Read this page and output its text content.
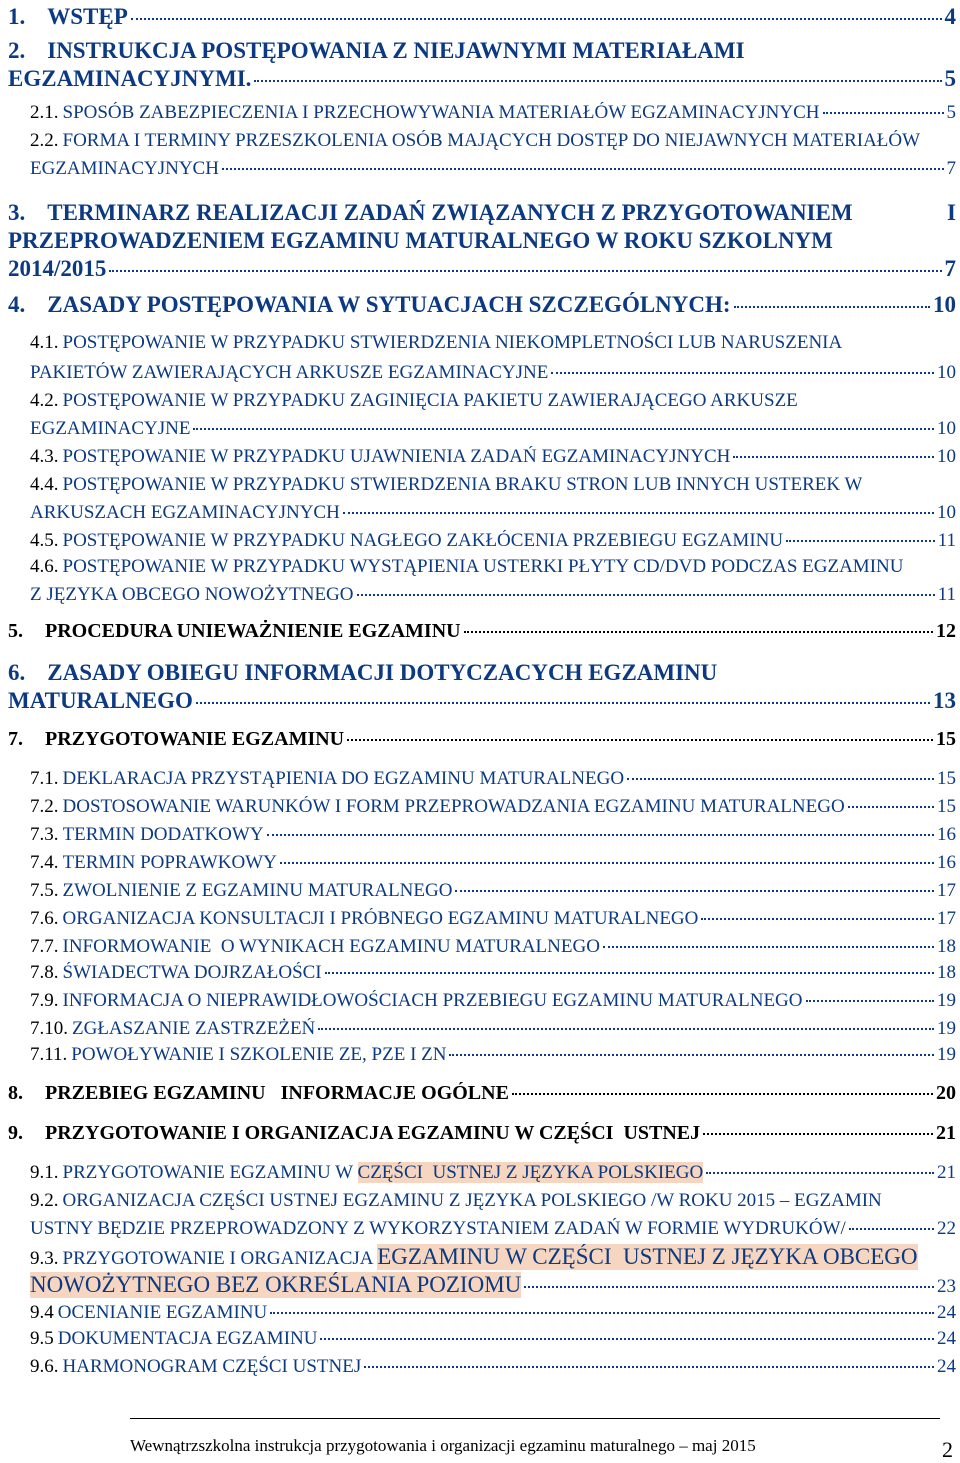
1. WSTĘP	4
2. INSTRUKCJA POSTĘPOWANIA Z NIEJAWNYMI MATERIAŁAMI
EGZAMINACYJNYMI.	5
2.1. SPOSÓB ZABEZPIECZENIA I PRZECHOWYWANIA MATERIAŁÓW EGZAMINACYJNYCH	5
2.2. FORMA I TERMINY PRZESZKOLENIA OSÓB MAJĄCYCH DOSTĘP DO NIEJAWNYCH MATERIAŁÓW
EGZAMINACYJNYCH	7
3. TERMINARZ REALIZACJI ZADAŃ ZWIĄZANYCH Z PRZYGOTOWANIEM	I
PRZEPROWADZENIEM EGZAMINU MATURALNEGO W ROKU SZKOLNYM
2014/2015	7
4. ZASADY POSTĘPOWANIA W SYTUACJACH SZCZEGÓLNYCH:	10
4.1. POSTĘPOWANIE W PRZYPADKU STWIERDZENIA NIEKOMPLETNOŚCI LUB NARUSZENIA
PAKIETÓW ZAWIERAJĄCYCH ARKUSZE EGZAMINACYJNE	10
4.2. POSTĘPOWANIE W PRZYPADKU ZAGINIĘCIA PAKIETU ZAWIERAJĄCEGO ARKUSZE
EGZAMINACYJNE	10
4.3. POSTĘPOWANIE W PRZYPADKU UJAWNIENIA ZADAŃ EGZAMINACYJNYCH	10
4.4. POSTĘPOWANIE W PRZYPADKU STWIERDZENIA BRAKU STRON LUB INNYCH USTEREK W
ARKUSZACH EGZAMINACYJNYCH	10
4.5. POSTĘPOWANIE W PRZYPADKU NAGŁEGO ZAKŁÓCENIA PRZEBIEGU EGZAMINU	11
4.6. POSTĘPOWANIE W PRZYPADKU WYSTĄPIENIA USTERKI PŁYTY CD/DVD PODCZAS EGZAMINU
Z JĘZYKA OBCEGO NOWOŻYTNEGO	11
5. PROCEDURA UNIEWAŻNIENIE EGZAMINU	12
6. ZASADY OBIEGU INFORMACJI DOTYCZACYCH EGZAMINU
MATURALNEGO	13
7. PRZYGOTOWANIE EGZAMINU	15
7.1. DEKLARACJA PRZYSTĄPIENIA DO EGZAMINU MATURALNEGO	15
7.2. DOSTOSOWANIE WARUNKÓW I FORM PRZEPROWADZANIA EGZAMINU MATURALNEGO	15
7.3. TERMIN DODATKOWY	16
7.4. TERMIN POPRAWKOWY	16
7.5. ZWOLNIENIE Z EGZAMINU MATURALNEGO	17
7.6. ORGANIZACJA KONSULTACJI I PRÓBNEGO EGZAMINU MATURALNEGO	17
7.7. INFORMOWANIE  O WYNIKACH EGZAMINU MATURALNEGO	18
7.8. ŚWIADECTWA DOJRZAŁOŚCI	18
7.9. INFORMACJA O NIEPRAWIDŁOWOŚCIACH PRZEBIEGU EGZAMINU MATURALNEGO	19
7.10. ZGŁASZANIE ZASTRZEŻEŃ	19
7.11. POWOŁYWANIE I SZKOLENIE ZE, PZE I ZN	19
8. PRZEBIEG EGZAMINU   INFORMACJE OGÓLNE	20
9. PRZYGOTOWANIE I ORGANIZACJA EGZAMINU W CZĘŚCI  USTNEJ	21
9.1. PRZYGOTOWANIE EGZAMINU W CZĘŚCI  USTNEJ Z JĘZYKA POLSKIEGO	21
9.2. ORGANIZACJA CZĘŚCI USTNEJ EGZAMINU Z JĘZYKA POLSKIEGO /W ROKU 2015 – EGZAMIN
USTNY BĘDZIE PRZEPROWADZONY Z WYKORZYSTANIEM ZADAŃ W FORMIE WYDRUKÓW/	22
9.3. PRZYGOTOWANIE I ORGANIZACJA EGZAMINU W CZĘŚCI  USTNEJ Z JĘZYKA OBCEGO
NOWOŻYTNEGO BEZ OKREŚLANIA POZIOMU	23
9.4 OCENIANIE EGZAMINU	24
9.5 DOKUMENTACJA EGZAMINU	24
9.6. HARMONOGRAM CZĘŚCI USTNEJ	24
Wewnątrzszkolna instrukcja przygotowania i organizacji egzaminu maturalnego – maj 2015	2
